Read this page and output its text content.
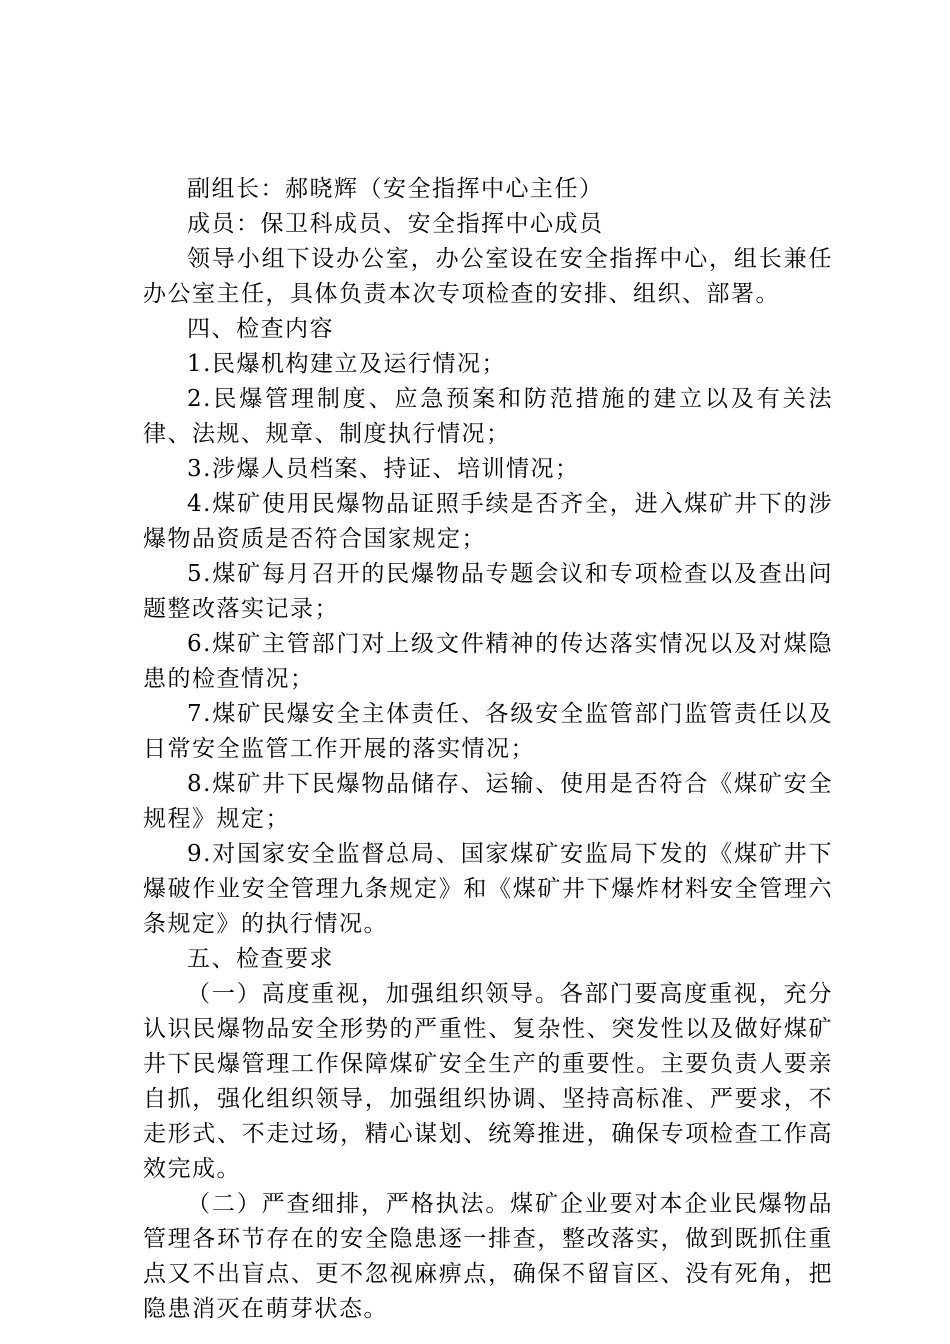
副组长：郝晓辉（安全指挥中心主任）

成员：保卫科成员、安全指挥中心成员

领导小组下设办公室，办公室设在安全指挥中心，组长兼任办公室主任，具体负责本次专项检查的安排、组织、部署。

四、检查内容

1.民爆机构建立及运行情况；

2.民爆管理制度、应急预案和防范措施的建立以及有关法律、法规、规章、制度执行情况；

3.涉爆人员档案、持证、培训情况；

4.煤矿使用民爆物品证照手续是否齐全，进入煤矿井下的涉爆物品资质是否符合国家规定；

5.煤矿每月召开的民爆物品专题会议和专项检查以及查出问题整改落实记录；

6.煤矿主管部门对上级文件精神的传达落实情况以及对煤隐患的检查情况；

7.煤矿民爆安全主体责任、各级安全监管部门监管责任以及日常安全监管工作开展的落实情况；

8.煤矿井下民爆物品储存、运输、使用是否符合《煤矿安全规程》规定；

9.对国家安全监督总局、国家煤矿安监局下发的《煤矿井下爆破作业安全管理九条规定》和《煤矿井下爆炸材料安全管理六条规定》的执行情况。

五、检查要求

（一）高度重视，加强组织领导。各部门要高度重视，充分认识民爆物品安全形势的严重性、复杂性、突发性以及做好煤矿井下民爆管理工作保障煤矿安全生产的重要性。主要负责人要亲自抓，强化组织领导，加强组织协调、坚持高标准、严要求，不走形式、不走过场，精心谋划、统筹推进，确保专项检查工作高效完成。

（二）严查细排，严格执法。煤矿企业要对本企业民爆物品管理各环节存在的安全隐患逐一排查，整改落实，做到既抓住重点又不出盲点、更不忽视麻痹点，确保不留盲区、没有死角，把隐患消灭在萌芽状态。
